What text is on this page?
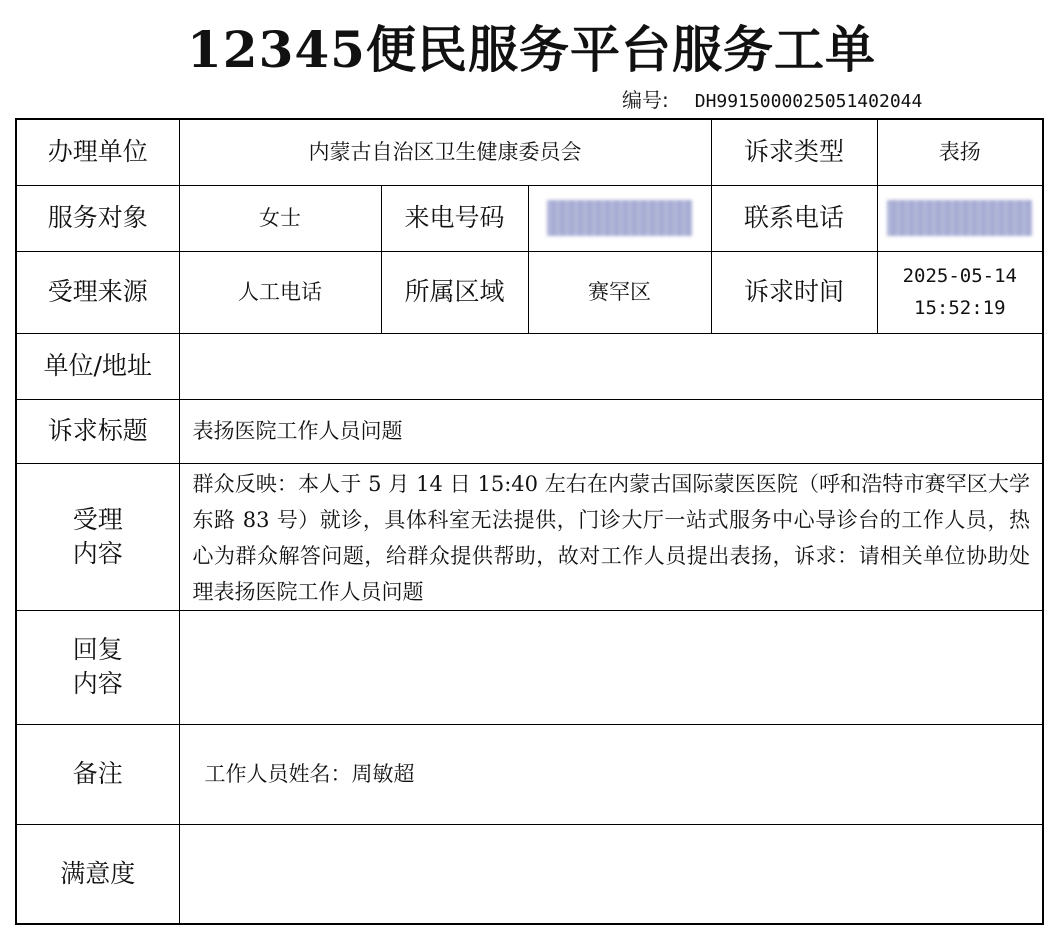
12345便民服务平台服务工单
编号: DH9915000025051402044
办理单位	内蒙古自治区卫生健康委员会			诉求类型	表扬
服务对象	女士	来电号码		联系电话	
受理来源	人工电话	所属区域	赛罕区	诉求时间	2025-05-14
15:52:19

单位/地址					
诉求标题	表扬医院工作人员问题				

受理
内容	群众反映：本人于 5 月 14 日 15:40 左右在内蒙古国际蒙医医院（呼和浩特市赛罕区大学东路 83 号）就诊，具体科室无法提供，门诊大厅一站式服务中心导诊台的工作人员，热心为群众解答问题，给群众提供帮助，故对工作人员提出表扬，诉求：请相关单位协助处理表扬医院工作人员问题				

回复
内容					

备注	工作人员姓名：周敏超				
满意度					
